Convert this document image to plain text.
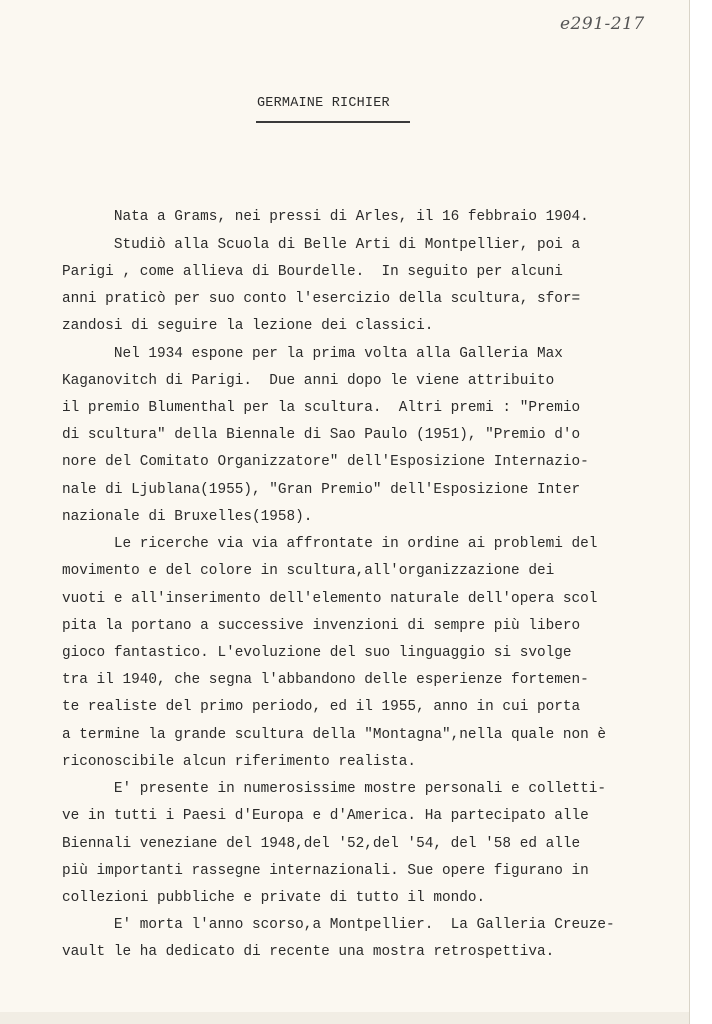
e291-217
GERMAINE RICHIER
Nata a Grams, nei pressi di Arles, il 16 febbraio 1904.
Studiò alla Scuola di Belle Arti di Montpellier, poi a
Parigi , come allieva di Bourdelle.  In seguito per alcuni
anni praticò per suo conto l'esercizio della scultura, sfor=
zandosi di seguire la lezione dei classici.
Nel 1934 espone per la prima volta alla Galleria Max
Kaganovitch di Parigi.  Due anni dopo le viene attribuito
il premio Blumenthal per la scultura.  Altri premi : "Premio
di scultura" della Biennale di Sao Paulo (1951), "Premio d'o
nore del Comitato Organizzatore" dell'Esposizione Internazio-
nale di Ljublana(1955), "Gran Premio" dell'Esposizione Inter
nazionale di Bruxelles(1958).
Le ricerche via via affrontate in ordine ai problemi del
movimento e del colore in scultura,all'organizzazione dei
vuoti e all'inserimento dell'elemento naturale dell'opera scol
pita la portano a successive invenzioni di sempre più libero
gioco fantastico. L'evoluzione del suo linguaggio si svolge
tra il 1940, che segna l'abbandono delle esperienze fortemen-
te realiste del primo periodo, ed il 1955, anno in cui porta
a termine la grande scultura della "Montagna",nella quale non è
riconoscibile alcun riferimento realista.
E' presente in numerosissime mostre personali e colletti-
ve in tutti i Paesi d'Europa e d'America. Ha partecipato alle
Biennali veneziane del 1948,del '52,del '54, del '58 ed alle
più importanti rassegne internazionali. Sue opere figurano in
collezioni pubbliche e private di tutto il mondo.
E' morta l'anno scorso,a Montpellier.  La Galleria Creuze-
vault le ha dedicato di recente una mostra retrospettiva.
